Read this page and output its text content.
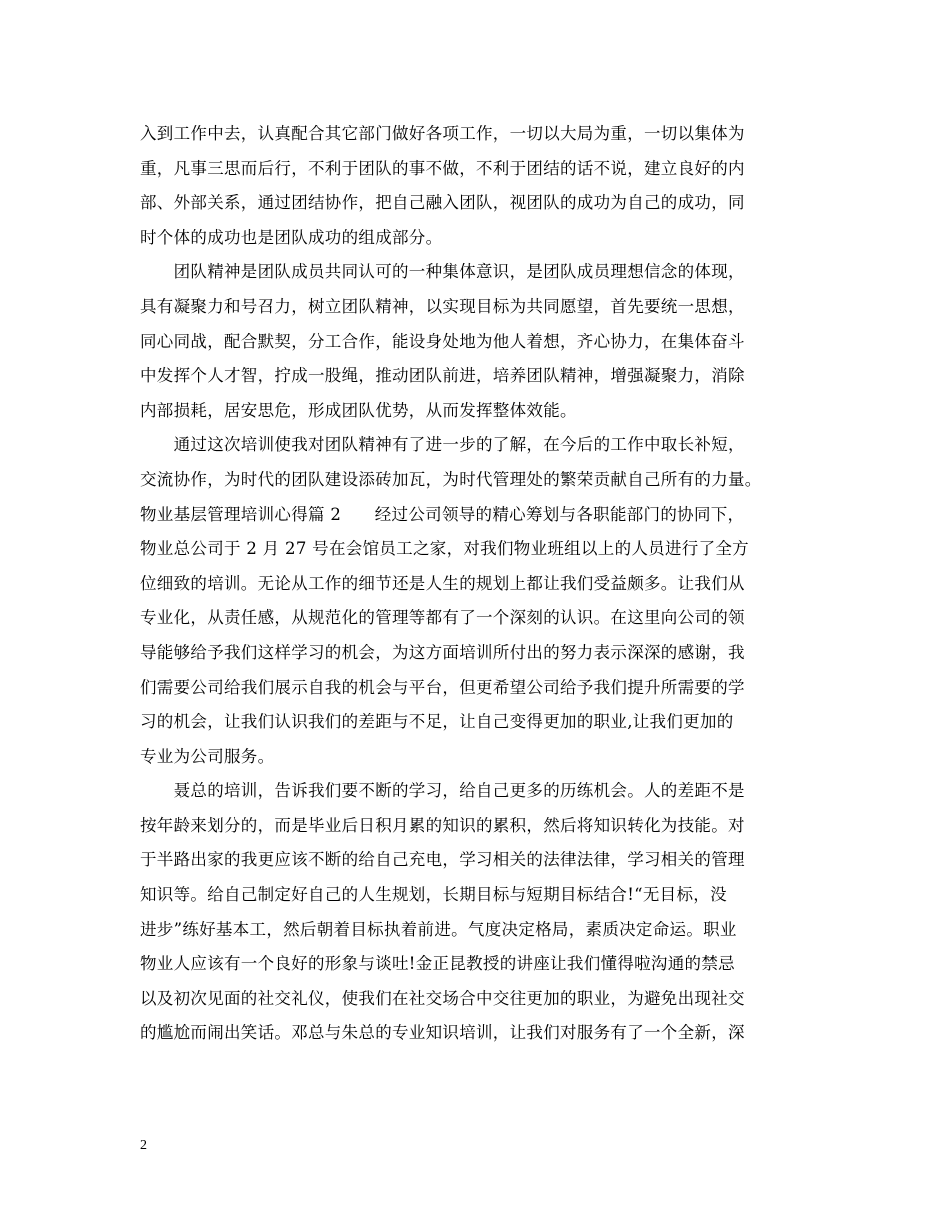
入到工作中去，认真配合其它部门做好各项工作，一切以大局为重，一切以集体为
重，凡事三思而后行，不利于团队的事不做，不利于团结的话不说，建立良好的内
部、外部关系，通过团结协作，把自己融入团队，视团队的成功为自己的成功，同
时个体的成功也是团队成功的组成部分。
　　团队精神是团队成员共同认可的一种集体意识，是团队成员理想信念的体现，
具有凝聚力和号召力，树立团队精神，以实现目标为共同愿望，首先要统一思想，
同心同战，配合默契，分工合作，能设身处地为他人着想，齐心协力，在集体奋斗
中发挥个人才智，拧成一股绳，推动团队前进，培养团队精神，增强凝聚力，消除
内部损耗，居安思危，形成团队优势，从而发挥整体效能。
　　通过这次培训使我对团队精神有了进一步的了解，在今后的工作中取长补短，
交流协作，为时代的团队建设添砖加瓦，为时代管理处的繁荣贡献自己所有的力量。
物业基层管理培训心得篇 2　　经过公司领导的精心筹划与各职能部门的协同下，
物业总公司于 2 月 27 号在会馆员工之家，对我们物业班组以上的人员进行了全方
位细致的培训。无论从工作的细节还是人生的规划上都让我们受益颇多。让我们从
专业化，从责任感，从规范化的管理等都有了一个深刻的认识。在这里向公司的领
导能够给予我们这样学习的机会，为这方面培训所付出的努力表示深深的感谢，我
们需要公司给我们展示自我的机会与平台，但更希望公司给予我们提升所需要的学
习的机会，让我们认识我们的差距与不足，让自己变得更加的职业,让我们更加的
专业为公司服务。
　　聂总的培训，告诉我们要不断的学习，给自己更多的历练机会。人的差距不是
按年龄来划分的，而是毕业后日积月累的知识的累积，然后将知识转化为技能。对
于半路出家的我更应该不断的给自己充电，学习相关的法律法律，学习相关的管理
知识等。给自己制定好自己的人生规划，长期目标与短期目标结合!“无目标，没
进步”练好基本工，然后朝着目标执着前进。气度决定格局，素质决定命运。职业
物业人应该有一个良好的形象与谈吐!金正昆教授的讲座让我们懂得啦沟通的禁忌
以及初次见面的社交礼仪，使我们在社交场合中交往更加的职业，为避免出现社交
的尴尬而闹出笑话。邓总与朱总的专业知识培训，让我们对服务有了一个全新，深
2
